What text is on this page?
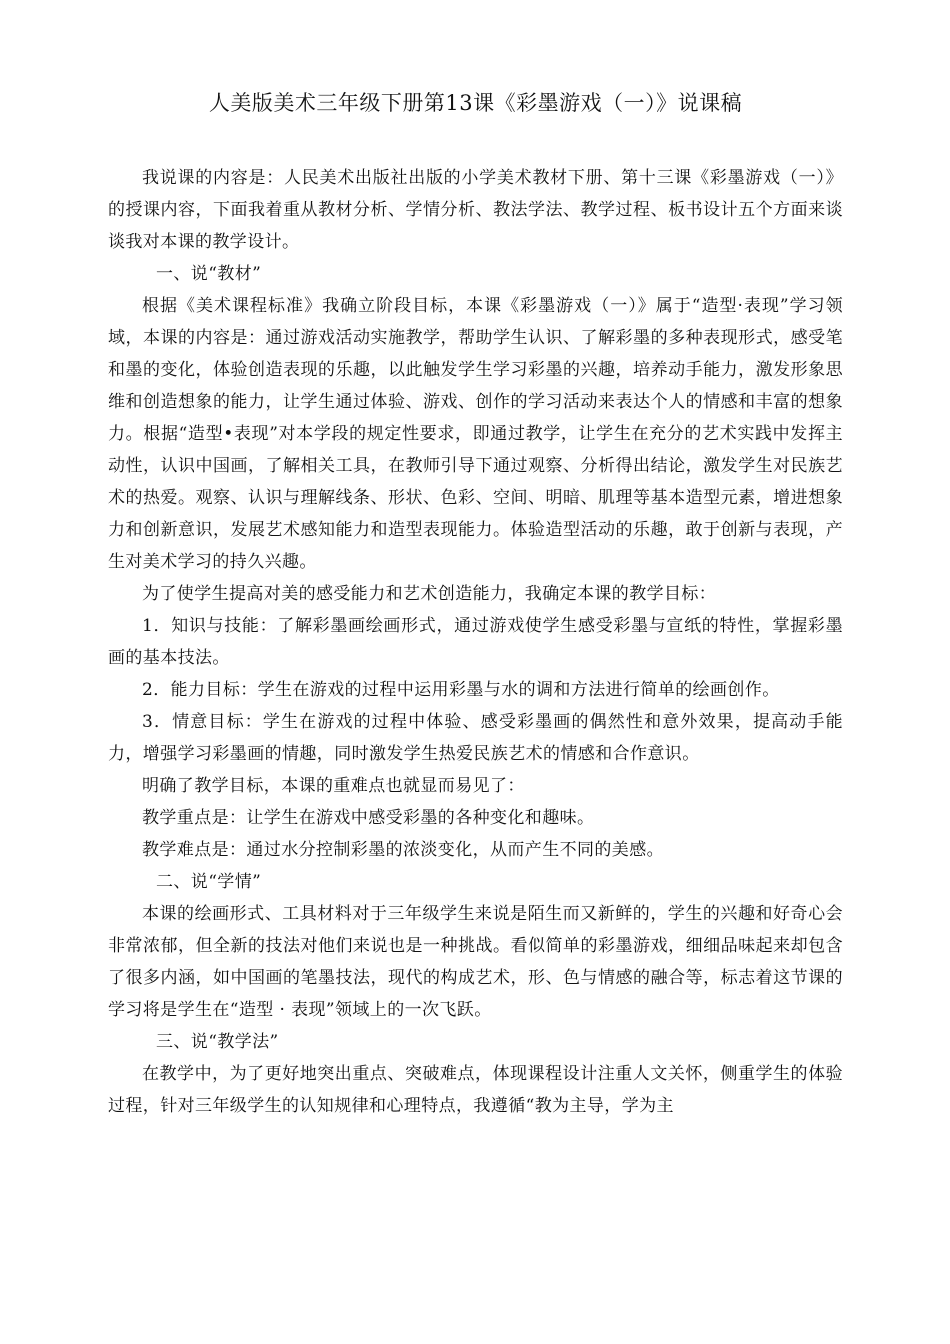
人美版美术三年级下册第13课《彩墨游戏（一）》说课稿

我说课的内容是：人民美术出版社出版的小学美术教材下册、第十三课《彩墨游戏（一）》的授课内容，下面我着重从教材分析、学情分析、教法学法、教学过程、板书设计五个方面来谈谈我对本课的教学设计。

一、说“教材”

根据《美术课程标准》我确立阶段目标，本课《彩墨游戏（一）》属于“造型·表现”学习领域，本课的内容是：通过游戏活动实施教学，帮助学生认识、了解彩墨的多种表现形式，感受笔和墨的变化，体验创造表现的乐趣，以此触发学生学习彩墨的兴趣，培养动手能力，激发形象思维和创造想象的能力，让学生通过体验、游戏、创作的学习活动来表达个人的情感和丰富的想象力。根据“造型•表现”对本学段的规定性要求，即通过教学，让学生在充分的艺术实践中发挥主动性，认识中国画，了解相关工具，在教师引导下通过观察、分析得出结论，激发学生对民族艺术的热爱。观察、认识与理解线条、形状、色彩、空间、明暗、肌理等基本造型元素，增进想象力和创新意识，发展艺术感知能力和造型表现能力。体验造型活动的乐趣，敢于创新与表现，产生对美术学习的持久兴趣。

为了使学生提高对美的感受能力和艺术创造能力，我确定本课的教学目标：

1．知识与技能：了解彩墨画绘画形式，通过游戏使学生感受彩墨与宣纸的特性，掌握彩墨画的基本技法。

2．能力目标：学生在游戏的过程中运用彩墨与水的调和方法进行简单的绘画创作。

3．情意目标：学生在游戏的过程中体验、感受彩墨画的偶然性和意外效果，提高动手能力，增强学习彩墨画的情趣，同时激发学生热爱民族艺术的情感和合作意识。

明确了教学目标，本课的重难点也就显而易见了：

教学重点是：让学生在游戏中感受彩墨的各种变化和趣味。

教学难点是：通过水分控制彩墨的浓淡变化，从而产生不同的美感。

二、说“学情”

本课的绘画形式、工具材料对于三年级学生来说是陌生而又新鲜的，学生的兴趣和好奇心会非常浓郁，但全新的技法对他们来说也是一种挑战。看似简单的彩墨游戏，细细品味起来却包含了很多内涵，如中国画的笔墨技法，现代的构成艺术，形、色与情感的融合等，标志着这节课的学习将是学生在“造型 · 表现”领域上的一次飞跃。

三、说“教学法”

在教学中，为了更好地突出重点、突破难点，体现课程设计注重人文关怀，侧重学生的体验过程，针对三年级学生的认知规律和心理特点，我遵循“教为主导，学为主
